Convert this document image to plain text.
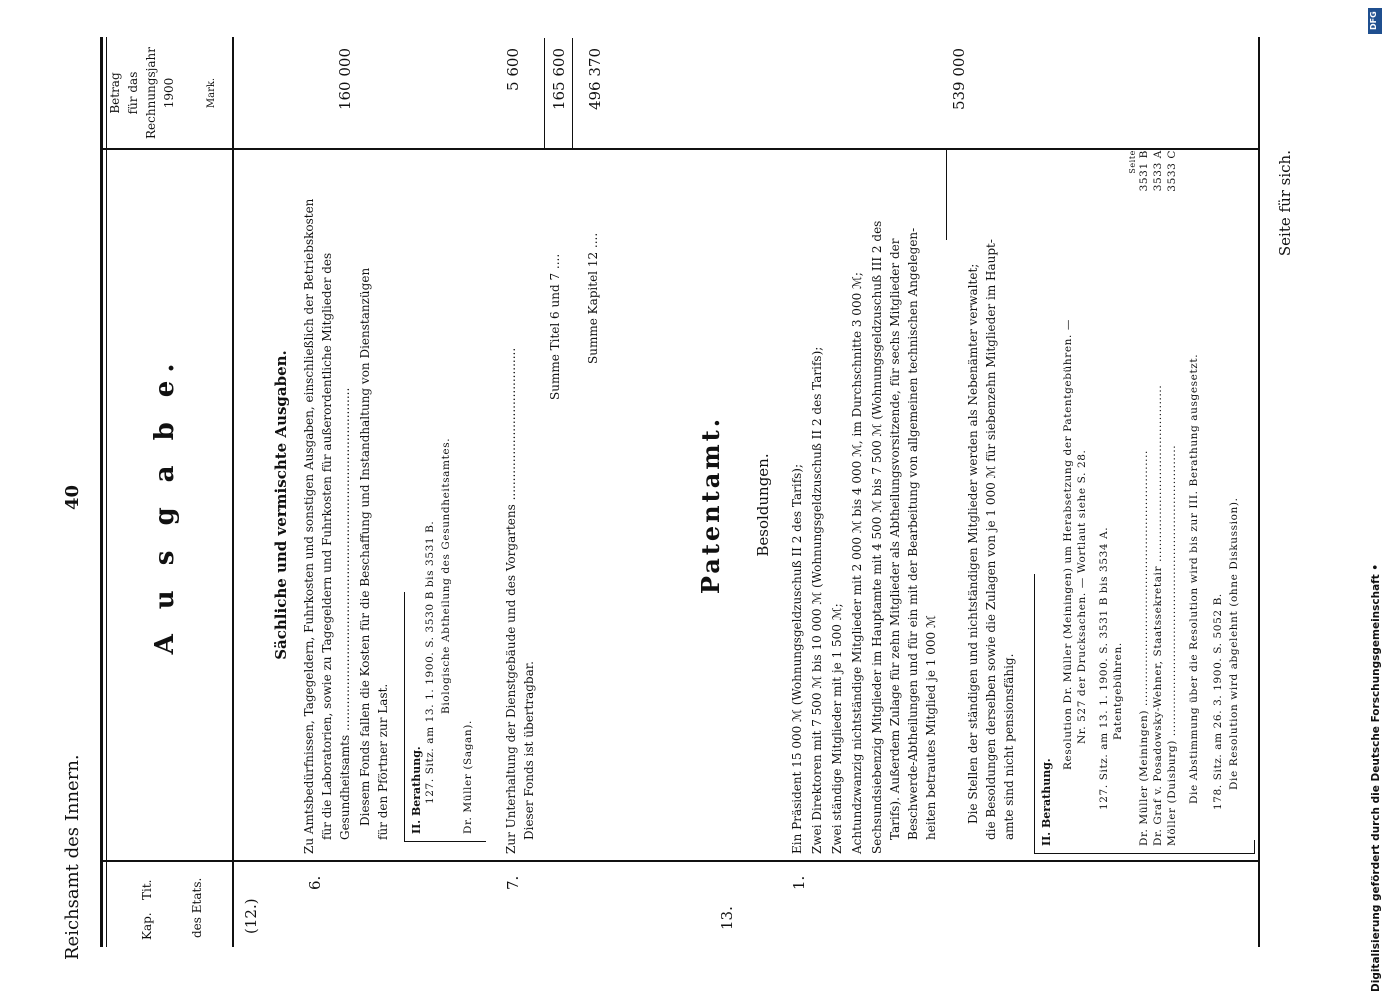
Reichsamt des Innern.
40
Kap.
Tit.	des Etats.
A u s g a b e.
Betrag für das Rechnungsjahr 1900	Mark.
(12.)
Sächliche und vermischte Ausgaben.
6.
Zu Amtsbedürfnissen, Tagegeldern, Fuhrkosten und sonstigen Ausgaben, einschließlich der Betriebskosten für die Laboratorien, sowie zu Tagegeldern und Fuhrkosten für außerordentliche Mitglieder des Gesundheitsamts .......................................................................................... Diesem Fonds fallen die Kosten für die Beschaffung und Instandhaltung von Dienstanzügen für den Pförtner zur Last.
160 000
II. Berathung. 127. Sitz. am 13. 1. 1900. S. 3530 B bis 3531 B. Biologische Abtheilung des Gesundheitsamtes.
Dr. Müller (Sagan).
7.
Zur Unterhaltung der Dienstgebäude und des Vorgartens ........................................ Dieser Fonds ist übertragbar.
5 600
Summe Titel 6 und 7 ....
165 600
Summe Kapitel 12 ....
496 370
13.
Patentamt. Besoldungen.
1.
Ein Präsident 15 000 ℳ (Wohnungsgeldzuschuß II 2 des Tarifs); Zwei Direktoren mit 7 500 ℳ bis 10 000 ℳ (Wohnungsgeldzuschuß II 2 des Tarifs); Zwei ständige Mitglieder mit je 1 500 ℳ; Achtundzwanzig nichtständige Mitglieder mit 2 000 ℳ bis 4 000 ℳ, im Durchschnitte 3 000 ℳ; Sechsundsiebenzig Mitglieder im Hauptamte mit 4 500 ℳ bis 7 500 ℳ (Wohnungsgeldzuschuß III 2 des Tarifs). Außerdem Zulage für zehn Mitglieder als Abtheilungsvorsitzende, für sechs Mitglieder der Beschwerde-Abtheilungen und für ein mit der Bearbeitung von allgemeinen technischen Angelegen- heiten betrautes Mitglied je 1 000 ℳ
539 000
Die Stellen der ständigen und nichtständigen Mitglieder werden als Nebenämter verwaltet; die Besoldungen derselben sowie die Zulagen von je 1 000 ℳ für siebenzehn Mitglieder im Haupt- amte sind nicht pensionsfähig. II. Berathung.
Resolution Dr. Müller (Meiningen) um Herabsetzung der Patentgebühren. — Nr. 527 der Drucksachen. — Wortlaut siehe S. 28. 127. Sitz. am 13. 1. 1900. S. 3531 B bis 3534 A. Patentgebühren.
Seite
Dr. Müller (Meiningen) .................................................................
3531 B
Dr. Graf v. Posadowsky-Wehner, Staatssekretair .............................................
3533 A
Möller (Duisburg) ..........................................................................
3533 C
Die Abstimmung über die Resolution wird bis zur III. Berathung ausgesetzt. 178. Sitz. am 26. 3. 1900. S. 5052 B. Die Resolution wird abgelehnt (ohne Diskussion).
Seite für sich.
Digitalisierung gefördert durch die Deutsche Forschungsgemeinschaft •
DFG
